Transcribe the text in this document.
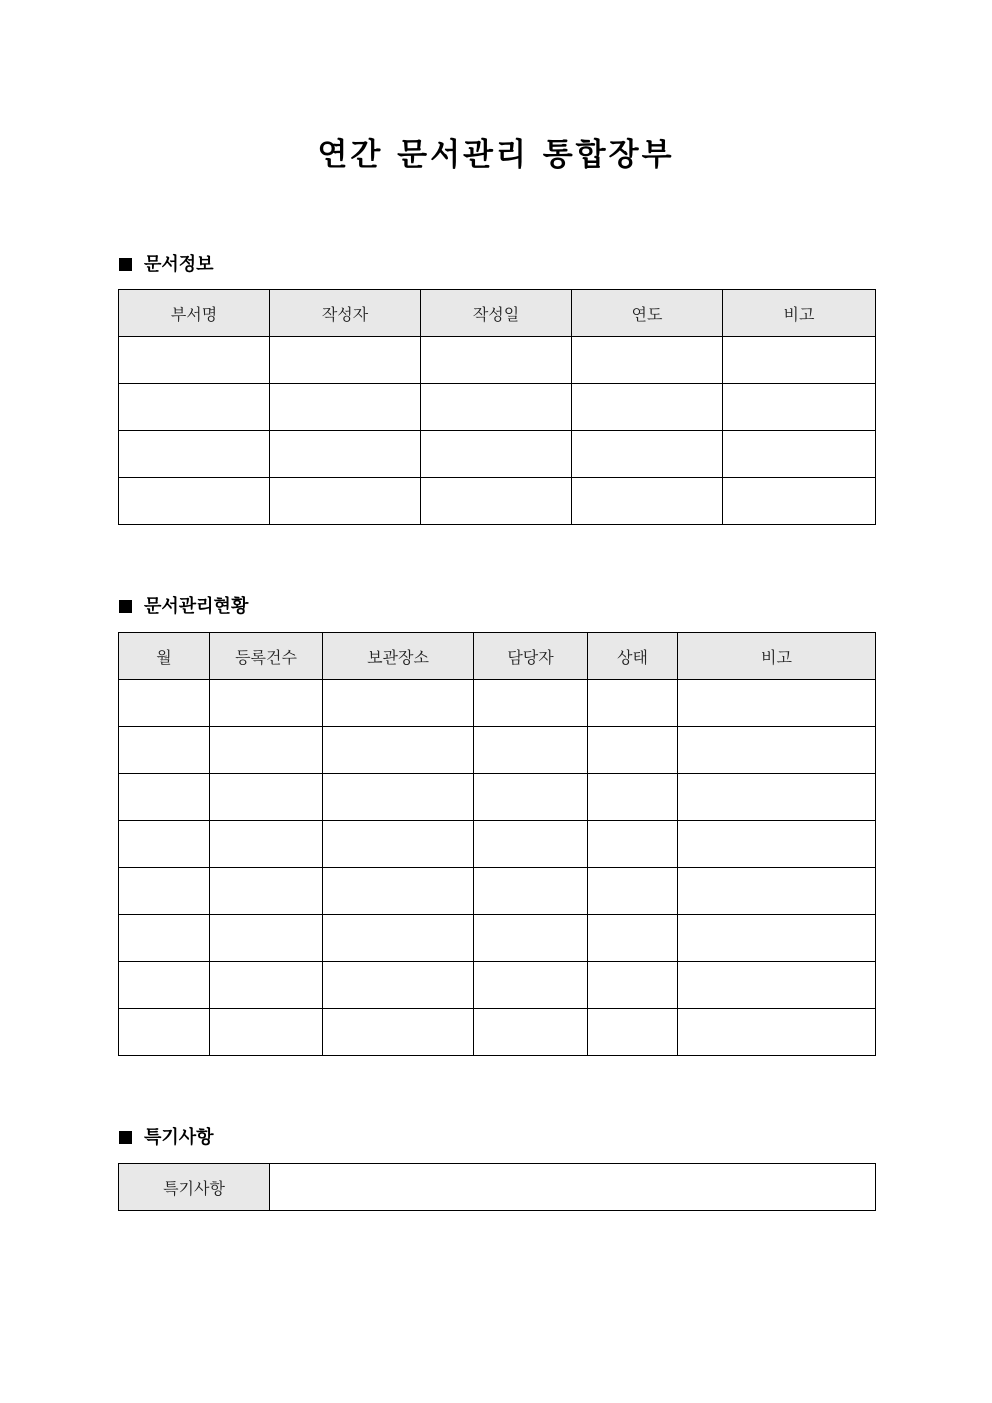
연간 문서관리 통합장부
문서정보
부서명	작성자	작성일	연도	비고

문서관리현황
월	등록건수	보관장소	담당자	상태	비고

특기사항
특기사항	
